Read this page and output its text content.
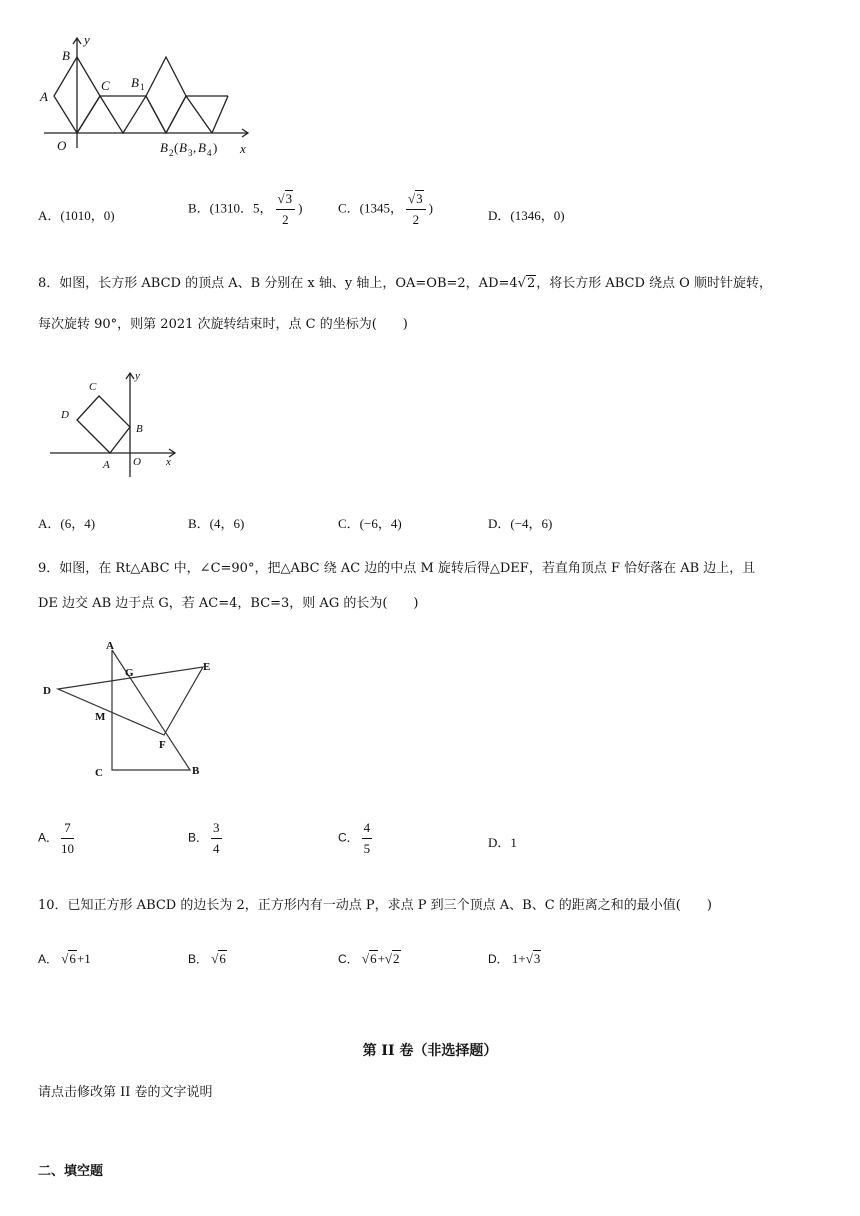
B
y
A
C B 1
O	B 2 ( B 3 , B 4 ) x
A．(1010，0)
B．(1310．5， $\frac{√3}{2}$ )	C．(1345， $\frac{√3}{2}$ )
D．(1346，0)
8．如图，长方形 ABCD 的顶点 A、B 分别在 x 轴、y 轴上，OA=OB=2，AD=4√2，将长方形 ABCD 绕点 O 顺时针旋转，
每次旋转 90°，则第 2021 次旋转结束时，点 C 的坐标为(　　)
C
D
B
A O x
y
A．(6，4)	B．(4，6)	C．(−6，4)	D．(−4，6)
9．如图，在 Rt△ABC 中，∠C=90°，把△ABC 绕 AC 边的中点 M 旋转后得△DEF，若直角顶点 F 恰好落在 AB 边上，且
DE 边交 AB 边于点 G，若 AC=4，BC=3，则 AG 的长为(　　)
A
G	E
D
M
F
C	B
A． $\frac{7}{10}$	B． $\frac{3}{4}$	C． $\frac{4}{5}$	D．1
10．已知正方形 ABCD 的边长为 2，正方形内有一动点 P，求点 P 到三个顶点 A、B、C 的距离之和的最小值(　　)
A． √6+1	B． √6	C． √6+√2	D． 1+√3
第 II 卷（非选择题）
请点击修改第 II 卷的文字说明
二、填空题
